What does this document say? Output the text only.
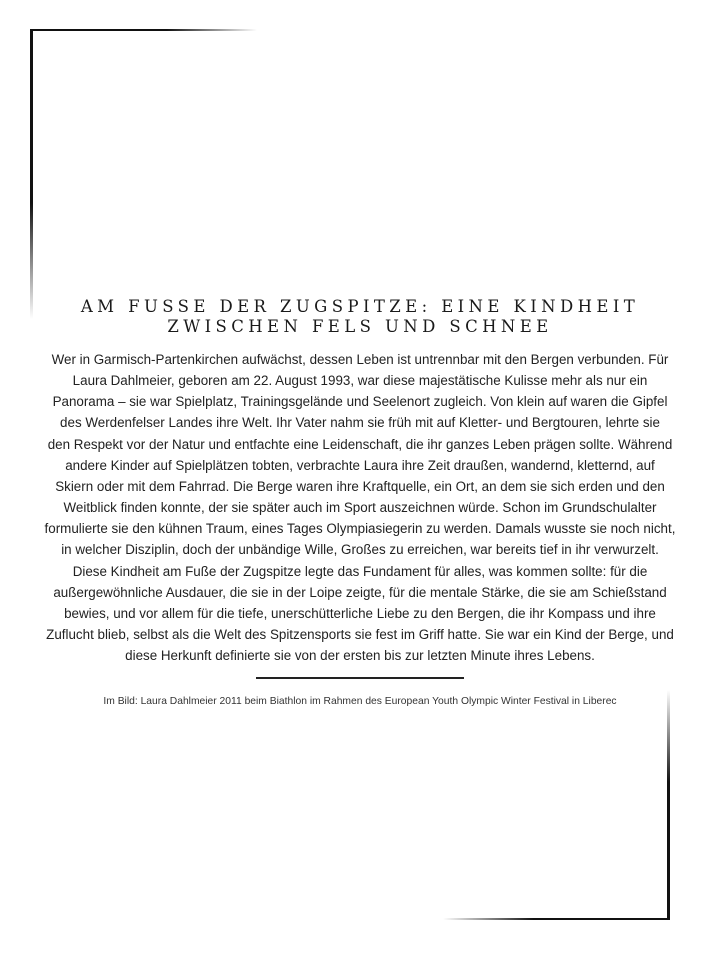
AM FUSSE DER ZUGSPITZE: EINE KINDHEIT
ZWISCHEN FELS UND SCHNEE

Wer in Garmisch-Partenkirchen aufwächst, dessen Leben ist untrennbar mit den Bergen verbunden. Für
Laura Dahlmeier, geboren am 22. August 1993, war diese majestätische Kulisse mehr als nur ein
Panorama – sie war Spielplatz, Trainingsgelände und Seelenort zugleich. Von klein auf waren die Gipfel
des Werdenfelser Landes ihre Welt. Ihr Vater nahm sie früh mit auf Kletter- und Bergtouren, lehrte sie
den Respekt vor der Natur und entfachte eine Leidenschaft, die ihr ganzes Leben prägen sollte. Während
andere Kinder auf Spielplätzen tobten, verbrachte Laura ihre Zeit draußen, wandernd, kletternd, auf
Skiern oder mit dem Fahrrad. Die Berge waren ihre Kraftquelle, ein Ort, an dem sie sich erden und den
Weitblick finden konnte, der sie später auch im Sport auszeichnen würde. Schon im Grundschulalter
formulierte sie den kühnen Traum, eines Tages Olympiasiegerin zu werden. Damals wusste sie noch nicht,
in welcher Disziplin, doch der unbändige Wille, Großes zu erreichen, war bereits tief in ihr verwurzelt.
Diese Kindheit am Fuße der Zugspitze legte das Fundament für alles, was kommen sollte: für die
außergewöhnliche Ausdauer, die sie in der Loipe zeigte, für die mentale Stärke, die sie am Schießstand
bewies, und vor allem für die tiefe, unerschütterliche Liebe zu den Bergen, die ihr Kompass und ihre
Zuflucht blieb, selbst als die Welt des Spitzensports sie fest im Griff hatte. Sie war ein Kind der Berge, und
diese Herkunft definierte sie von der ersten bis zur letzten Minute ihres Lebens.

Im Bild: Laura Dahlmeier 2011 beim Biathlon im Rahmen des European Youth Olympic Winter Festival in Liberec
